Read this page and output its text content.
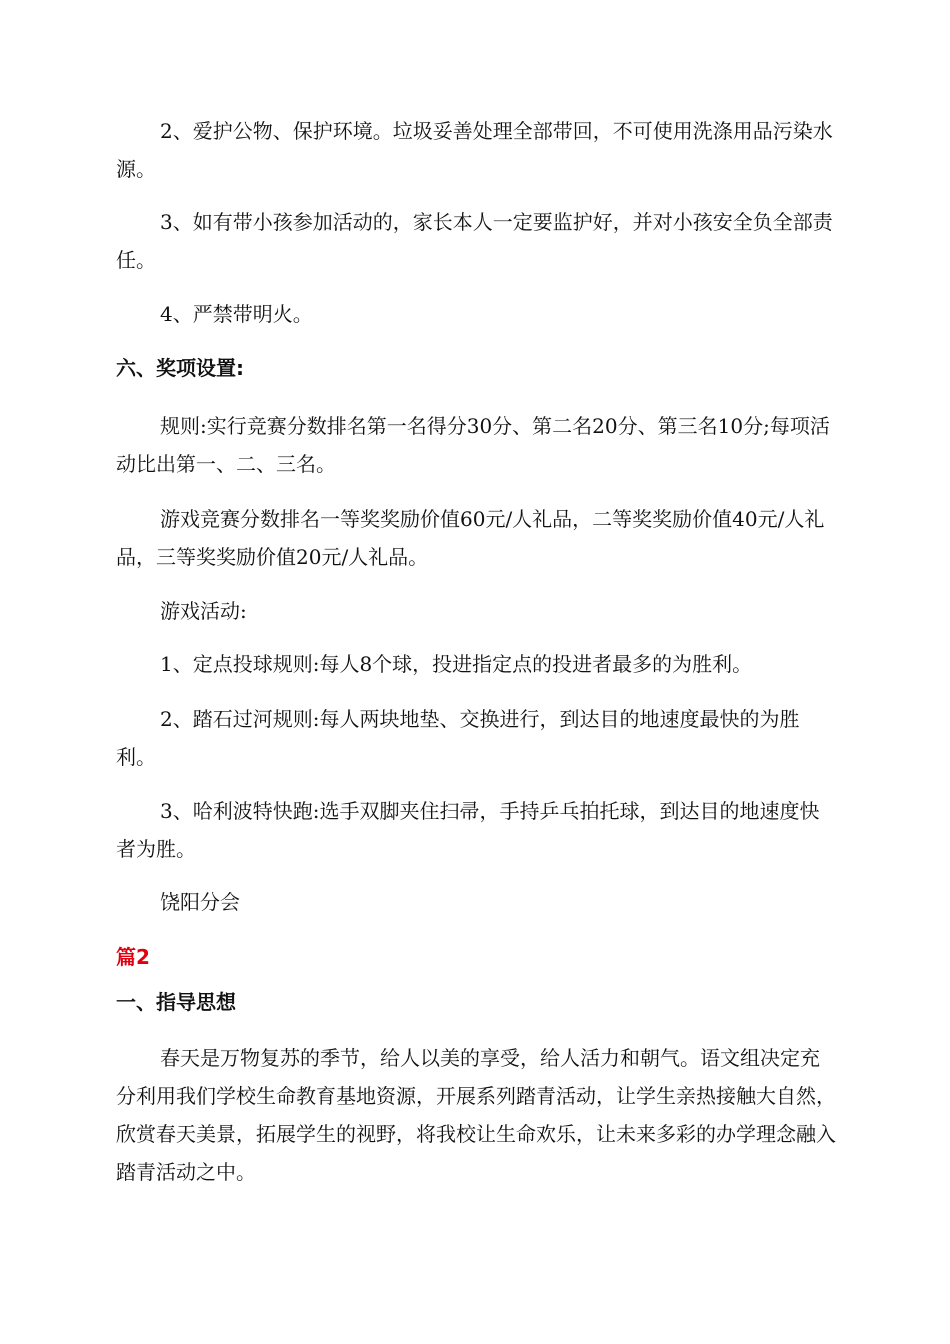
2、爱护公物、保护环境。垃圾妥善处理全部带回，不可使用洗涤用品污染水源。

3、如有带小孩参加活动的，家长本人一定要监护好，并对小孩安全负全部责任。

4、严禁带明火。

六、奖项设置:

规则:实行竞赛分数排名第一名得分30分、第二名20分、第三名10分;每项活动比出第一、二、三名。

游戏竞赛分数排名一等奖奖励价值60元/人礼品，二等奖奖励价值40元/人礼品，三等奖奖励价值20元/人礼品。

游戏活动:

1、定点投球规则:每人8个球，投进指定点的投进者最多的为胜利。

2、踏石过河规则:每人两块地垫、交换进行，到达目的地速度最快的为胜利。

3、哈利波特快跑:选手双脚夹住扫帚，手持乒乓拍托球，到达目的地速度快者为胜。

饶阳分会

篇2
一、指导思想

春天是万物复苏的季节，给人以美的享受，给人活力和朝气。语文组决定充分利用我们学校生命教育基地资源，开展系列踏青活动，让学生亲热接触大自然，欣赏春天美景，拓展学生的视野，将我校让生命欢乐，让未来多彩的办学理念融入踏青活动之中。
